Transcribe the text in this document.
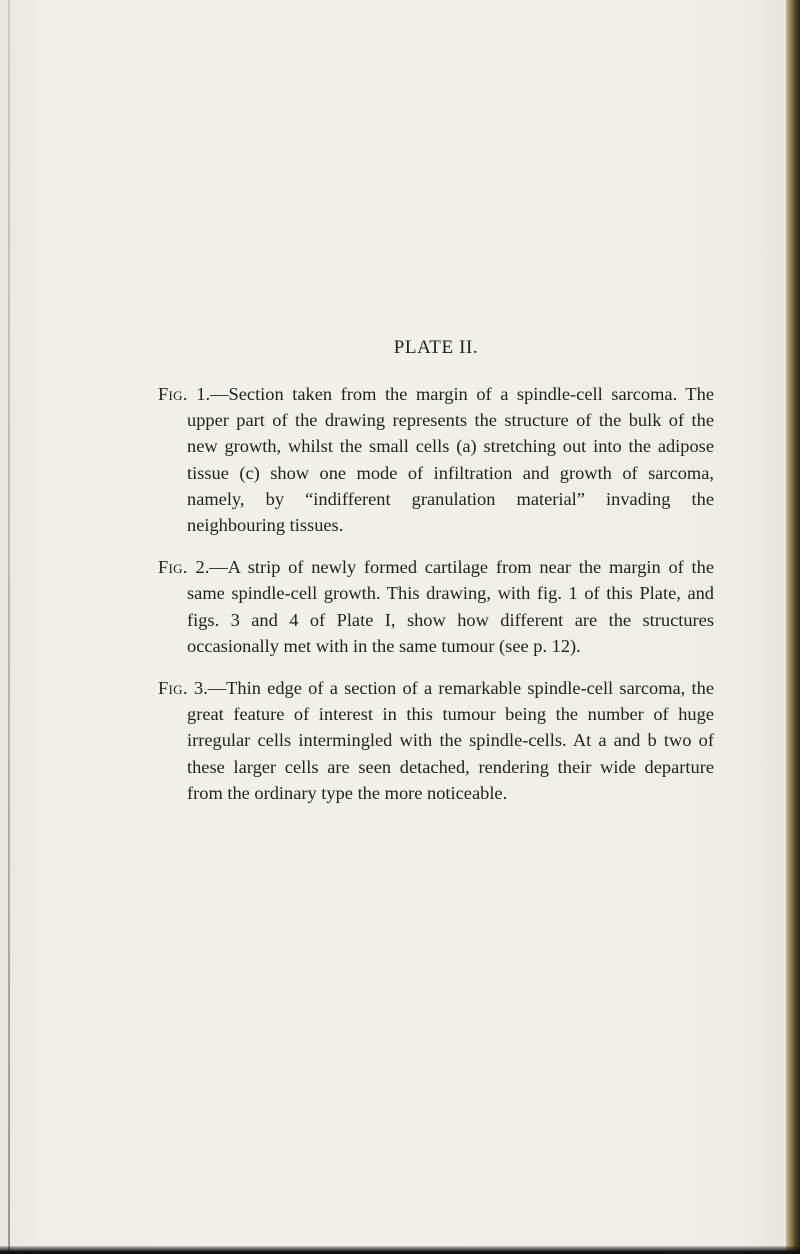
PLATE II.

Fig. 1.—Section taken from the margin of a spindle-cell sarcoma. The upper part of the drawing represents the structure of the bulk of the new growth, whilst the small cells (a) stretching out into the adipose tissue (c) show one mode of infiltration and growth of sarcoma, namely, by “indifferent granulation material” invading the neighbouring tissues.

Fig. 2.—A strip of newly formed cartilage from near the margin of the same spindle-cell growth. This drawing, with fig. 1 of this Plate, and figs. 3 and 4 of Plate I, show how different are the structures occasionally met with in the same tumour (see p. 12).

Fig. 3.—Thin edge of a section of a remarkable spindle-cell sarcoma, the great feature of interest in this tumour being the number of huge irregular cells intermingled with the spindle-cells. At a and b two of these larger cells are seen detached, rendering their wide departure from the ordinary type the more noticeable.
